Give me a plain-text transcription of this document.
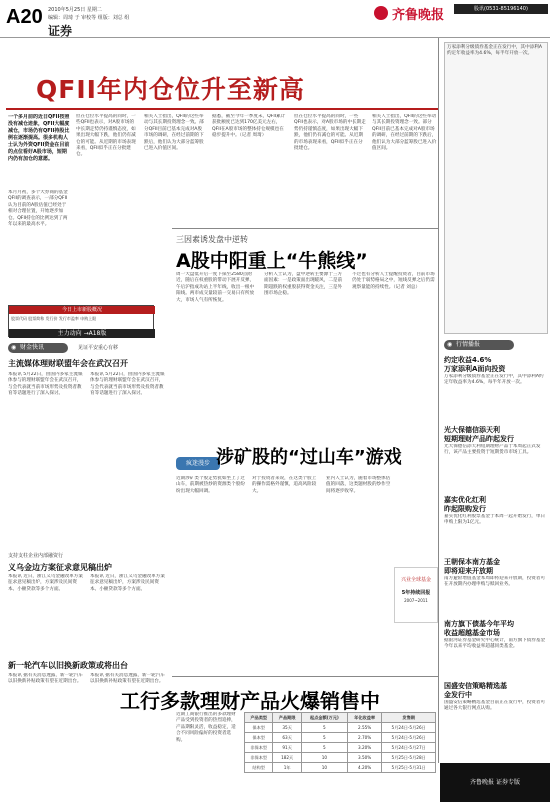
A20 2010年5月25日 星期二
编辑：周琦 于 审校等 组版：刘总 组
证券
齐鲁晚报	股讯(0531-85196140)
QFII年内仓位升至新高
一个多月前的近日QFII按照没有减仓迹象，QFII大幅度减仓，市场仍有QFII持股比例在逐渐提高。很多机构人士认为外资QFII资金在目前的点位看好A股市场，短期内仍有加仓的意愿。
本月月初，多个大券商的基金QFII的调查表示，一部分QFII认为目前的A股估值已经处于相对合理位置，开始逐步加仓。QFII持仓的比例达到了两年以来的最高水平。
但在仓位水平提高的同时，一些QFII也表示，对A股市场的中长期走势仍持谨慎态度，如果出现大幅下跌，他们仍有减仓的可能。从近期的市场表现来看，QFII似乎正在分批建仓。
相关人士指出，QFII的这些举动与其长期投资理念一致。部分QFII目前已基本完成对A股市场的调研，在经过前期的下跌后，他们认为大部分蓝筹股已进入价值区间。
据悉，截至今年一季度末，QFII累计获批额度已达到170亿美元左右，QFII在A股市场的整体持仓规模也在稳步提升中。（记者 周琦）
但在仓位水平提高的同时，一些QFII也表示，对A股市场的中长期走势仍持谨慎态度，如果出现大幅下跌，他们仍有减仓的可能。从近期的市场表现来看，QFII似乎正在分批建仓。
相关人士指出，QFII的这些举动与其长期投资理念一致。部分QFII目前已基本完成对A股市场的调研，在经过前期的下跌后，他们认为大部分蓝筹股已进入价值区间。
今日上市新股概况
股票代码 股票简称 发行价 发行市盈率 申购上限
主力动向 →A18版
◉ 财金快讯	见证平安重心有移
主流媒体理财联盟年会在武汉召开
本报讯 5月22日，由国内多家主流媒体参与的理财联盟年会在武汉召开，与会代表就当前市场形势及投资者教育等话题进行了深入探讨。
本报讯 5月22日，由国内多家主流媒体参与的理财联盟年会在武汉召开，与会代表就当前市场形势及投资者教育等话题进行了深入探讨。
支持支柱企业内部融资行
义乌金边方案征求意见稿出炉
本报讯 近日，浙江义乌金融改革方案征求意见稿出炉，方案涉及民间资本、小额贷款等多个方面。
本报讯 近日，浙江义乌金融改革方案征求意见稿出炉，方案涉及民间资本、小额贷款等多个方面。
新一轮汽车以旧换新政策或将出台
本报讯 据有关消息透露，新一轮汽车以旧换新补贴政策有望在近期出台。
本报讯 据有关消息透露，新一轮汽车以旧换新补贴政策有望在近期出台。
三因素诱发盘中逆转
A股中阳重上“牛熊线”
周一大盘低开后一度下探至2580点附近，随后在权重股的带动下展开反弹，午后沪指成功站上半年线，收出一根中阳线。两市成交量较前一交易日有所放大，市场人气有所恢复。
分析人士认为，盘中逆转主要源于三方面因素：一是政策面出现暖风，二是前期超跌的权重股获得资金关注，三是外围市场企稳。
不过也有分析人士提醒投资者，目前市场仍处于弱势格局之中，短线反弹之后仍需观察量能的持续性。（记者 刘总）
疯迷漫步 涉矿股的“过山车”游戏
近期涉矿类个股走势犹如坐上了过山车，前期被热炒的资源类个股纷纷出现大幅回调。
对于投资者来说，在这类个股上的操作需格外谨慎，追高风险较大。
业内人士认为，随着市场整体估值的回落，这类题材股的炒作空间将逐步收窄。
兴业全球基金
5年持续回报
2007~2011
工行多款理财产品火爆销售中
近期工商银行推出的多款理财产品受到投资者的热烈追捧，产品期限灵活，收益稳定，适合不同风险偏好的投资者选购。
产品类型	产品期限	起点金额(万元)	年化收益率	发售期
保本型	35天	5	2.55%	5月24日-5月26日
保本型	63天	5	2.70%	5月24日-5月26日
非保本型	91天	5	3.20%	5月24日-5月27日
非保本型	182天	10	3.50%	5月25日-5月28日
结构型	1年	10	4.20%	5月25日-5月31日
◉ 行情播报
约定收益4.6%
万家添利A面向投资
万家添利分级债券基金正在发行中，其中添利A约定年收益率为4.6%，每半年开放一次。
光大保德信添天利
短期理财产品昨起发行
光大保德信添天利短期理财产品于本周起正式发行，该产品主要投资于短期货币市场工具。
嘉实优化红利
昨起限购发行
嘉实优化红利股票基金于本周一起开始发行，单日申购上限为1亿元。
王朝保本南方基金
即将迎来开放期
南方避险增值基金本周即将迎来开放期，投资者可在开放期内办理申购与赎回业务。
南方旗下债基今年平均
收益超越基金市场
据银河证券基金研究中心统计，南方旗下债券基金今年以来平均收益率超越同类基金。
国盛安信策略精选基
金发行中
国盛安信策略精选基金目前正在发行中，投资者可通过各大银行网点认购。
万家添利分级债券基金正在发行中，其中添利A约定年收益率为4.6%，每半年开放一次。
齐鲁晚报 证券专版
